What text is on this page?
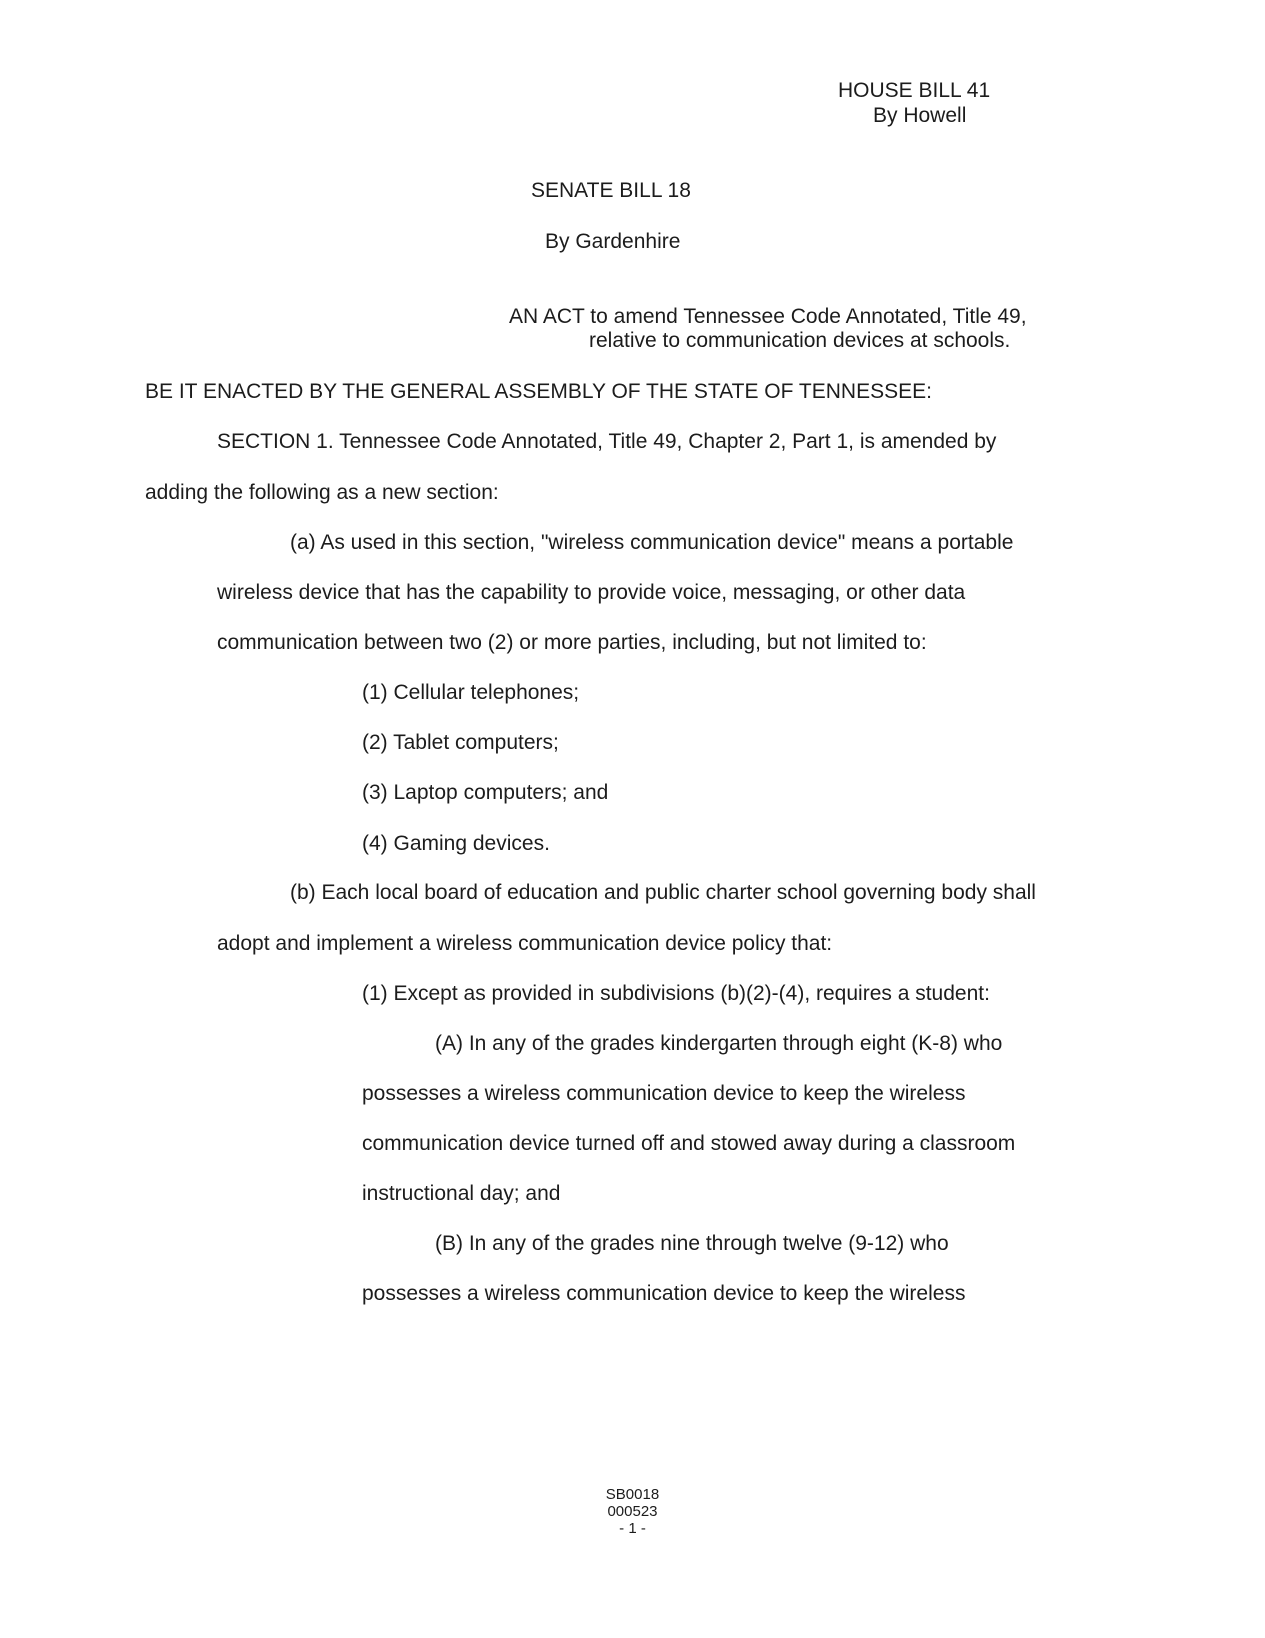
HOUSE BILL 41
By Howell
SENATE BILL 18
By Gardenhire
AN ACT to amend Tennessee Code Annotated, Title 49,
relative to communication devices at schools.
BE IT ENACTED BY THE GENERAL ASSEMBLY OF THE STATE OF TENNESSEE:
SECTION 1. Tennessee Code Annotated, Title 49, Chapter 2, Part 1, is amended by
adding the following as a new section:
(a) As used in this section, "wireless communication device" means a portable
wireless device that has the capability to provide voice, messaging, or other data
communication between two (2) or more parties, including, but not limited to:
(1) Cellular telephones;
(2) Tablet computers;
(3) Laptop computers; and
(4) Gaming devices.
(b) Each local board of education and public charter school governing body shall
adopt and implement a wireless communication device policy that:
(1) Except as provided in subdivisions (b)(2)-(4), requires a student:
(A) In any of the grades kindergarten through eight (K-8) who
possesses a wireless communication device to keep the wireless
communication device turned off and stowed away during a classroom
instructional day; and
(B) In any of the grades nine through twelve (9-12) who
possesses a wireless communication device to keep the wireless
SB0018
000523
- 1 -
